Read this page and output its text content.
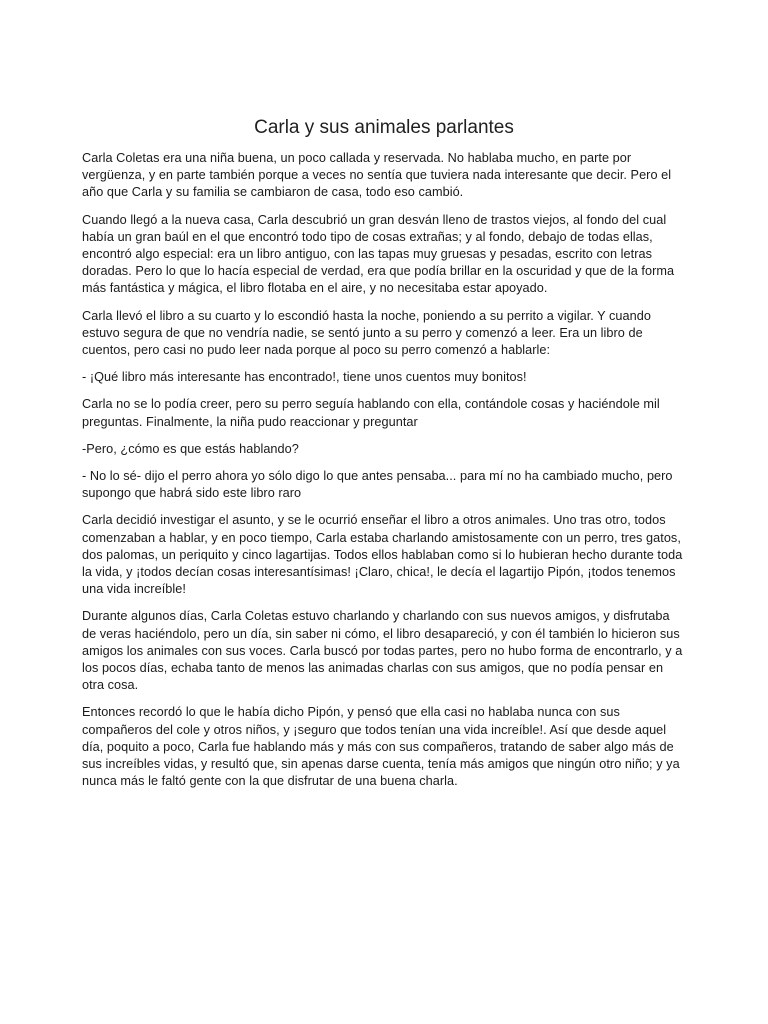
Carla y sus animales parlantes

Carla Coletas era una niña buena, un poco callada y reservada. No hablaba mucho, en parte por vergüenza, y en parte también porque a veces no sentía que tuviera nada interesante que decir. Pero el año que Carla y su familia se cambiaron de casa, todo eso cambió.

Cuando llegó a la nueva casa, Carla descubrió un gran desván lleno de trastos viejos, al fondo del cual había un gran baúl en el que encontró todo tipo de cosas extrañas; y al fondo, debajo de todas ellas, encontró algo especial: era un libro antiguo, con las tapas muy gruesas y pesadas, escrito con letras doradas. Pero lo que lo hacía especial de verdad, era que podía brillar en la oscuridad y que de la forma más fantástica y mágica, el libro flotaba en el aire, y no necesitaba estar apoyado.

Carla llevó el libro a su cuarto y lo escondió hasta la noche, poniendo a su perrito a vigilar. Y cuando estuvo segura de que no vendría nadie, se sentó junto a su perro y comenzó a leer. Era un libro de cuentos, pero casi no pudo leer nada porque al poco su perro comenzó a hablarle:

- ¡Qué libro más interesante has encontrado!, tiene unos cuentos muy bonitos!

Carla no se lo podía creer, pero su perro seguía hablando con ella, contándole cosas y haciéndole mil preguntas. Finalmente, la niña pudo reaccionar y preguntar

-Pero, ¿cómo es que estás hablando?

- No lo sé- dijo el perro ahora yo sólo digo lo que antes pensaba... para mí no ha cambiado mucho, pero supongo que habrá sido este libro raro

Carla decidió investigar el asunto, y se le ocurrió enseñar el libro a otros animales. Uno tras otro, todos comenzaban a hablar, y en poco tiempo, Carla estaba charlando amistosamente con un perro, tres gatos, dos palomas, un periquito y cinco lagartijas. Todos ellos hablaban como si lo hubieran hecho durante toda la vida, y ¡todos decían cosas interesantísimas! ¡Claro, chica!, le decía el lagartijo Pipón, ¡todos tenemos una vida increíble!

Durante algunos días, Carla Coletas estuvo charlando y charlando con sus nuevos amigos, y disfrutaba de veras haciéndolo, pero un día, sin saber ni cómo, el libro desapareció, y con él también lo hicieron sus amigos los animales con sus voces. Carla buscó por todas partes, pero no hubo forma de encontrarlo, y a los pocos días, echaba tanto de menos las animadas charlas con sus amigos, que no podía pensar en otra cosa.

Entonces recordó lo que le había dicho Pipón, y pensó que ella casi no hablaba nunca con sus compañeros del cole y otros niños, y ¡seguro que todos tenían una vida increíble!. Así que desde aquel día, poquito a poco, Carla fue hablando más y más con sus compañeros, tratando de saber algo más de sus increíbles vidas, y resultó que, sin apenas darse cuenta, tenía más amigos que ningún otro niño; y ya nunca más le faltó gente con la que disfrutar de una buena charla.
